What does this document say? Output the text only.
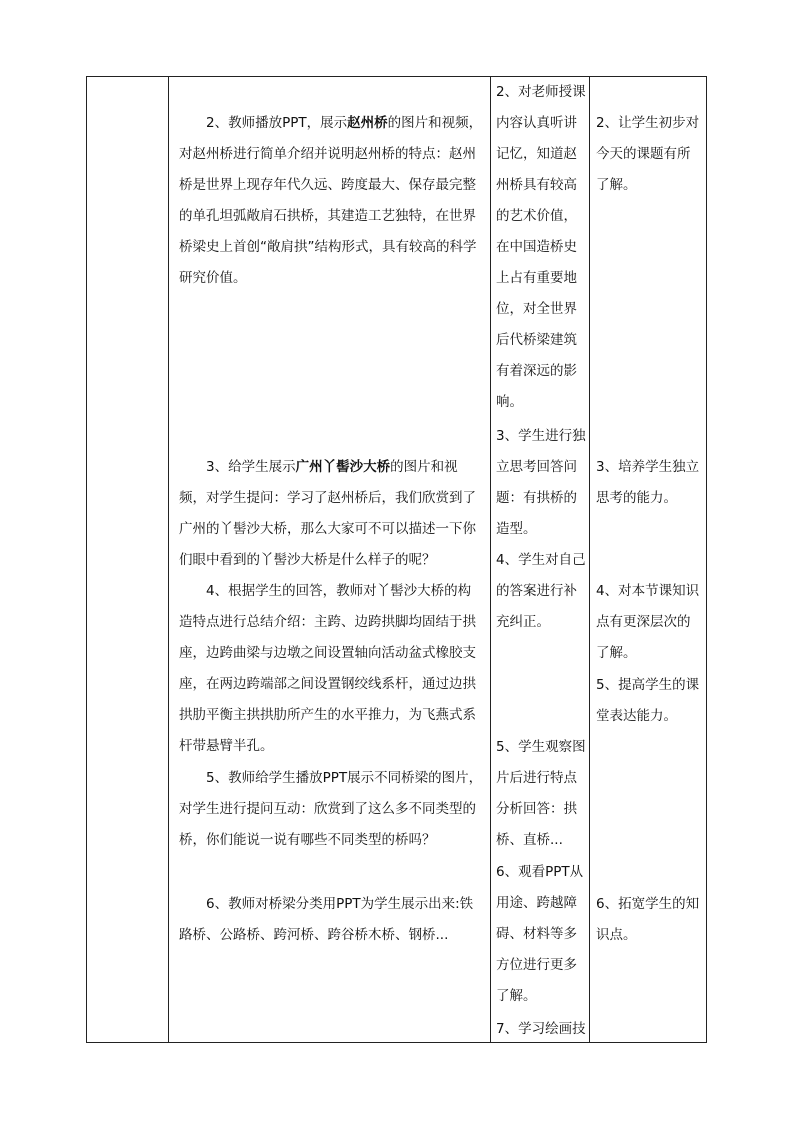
2、教师播放PPT，展示赵州桥的图片和视频，对赵州桥进行简单介绍并说明赵州桥的特点：赵州桥是世界上现存年代久远、跨度最大、保存最完整的单孔坦弧敞肩石拱桥，其建造工艺独特，在世界桥梁史上首创“敞肩拱”结构形式，具有较高的科学研究价值。
3、给学生展示广州丫髻沙大桥的图片和视频，对学生提问：学习了赵州桥后，我们欣赏到了广州的丫髻沙大桥，那么大家可不可以描述一下你们眼中看到的丫髻沙大桥是什么样子的呢？
4、根据学生的回答，教师对丫髻沙大桥的构造特点进行总结介绍：主跨、边跨拱脚均固结于拱座，边跨曲梁与边墩之间设置轴向活动盆式橡胶支座，在两边跨端部之间设置钢绞线系杆，通过边拱拱肋平衡主拱拱肋所产生的水平推力，为飞燕式系杆带悬臂半孔。
5、教师给学生播放PPT展示不同桥梁的图片，对学生进行提问互动：欣赏到了这么多不同类型的桥，你们能说一说有哪些不同类型的桥吗？
6、教师对桥梁分类用PPT为学生展示出来:铁路桥、公路桥、跨河桥、跨谷桥木桥、钢桥...
2、对老师授课内容认真听讲记忆，知道赵州桥具有较高的艺术价值，在中国造桥史上占有重要地位，对全世界后代桥梁建筑有着深远的影响。
3、学生进行独立思考回答问题：有拱桥的造型。
4、学生对自己的答案进行补充纠正。
5、学生观察图片后进行特点分析回答：拱桥、直桥...
6、观看PPT从用途、跨越障碍、材料等多方位进行更多了解。
7、学习绘画技
2、让学生初步对今天的课题有所了解。
3、培养学生独立思考的能力。
4、对本节课知识点有更深层次的了解。
5、提高学生的课堂表达能力。
6、拓宽学生的知识点。
